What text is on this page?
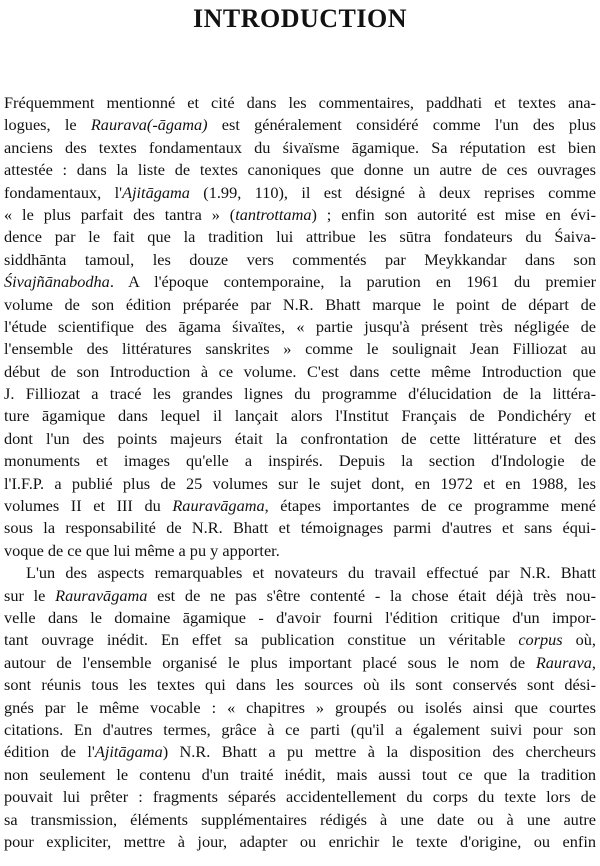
INTRODUCTION
Fréquemment mentionné et cité dans les commentaires, paddhati et textes ana-
logues, le Raurava(-āgama) est généralement considéré comme l'un des plus
anciens des textes fondamentaux du śivaïsme āgamique. Sa réputation est bien
attestée : dans la liste de textes canoniques que donne un autre de ces ouvrages
fondamentaux, l'Ajitāgama (1.99, 110), il est désigné à deux reprises comme
« le plus parfait des tantra » (tantrottama) ; enfin son autorité est mise en évi-
dence par le fait que la tradition lui attribue les sūtra fondateurs du Śaiva-
siddhānta tamoul, les douze vers commentés par Meykkandar dans son
Śivajñānabodha. A l'époque contemporaine, la parution en 1961 du premier
volume de son édition préparée par N.R. Bhatt marque le point de départ de
l'étude scientifique des āgama śivaïtes, « partie jusqu'à présent très négligée de
l'ensemble des littératures sanskrites » comme le soulignait Jean Filliozat au
début de son Introduction à ce volume. C'est dans cette même Introduction que
J. Filliozat a tracé les grandes lignes du programme d'élucidation de la littéra-
ture āgamique dans lequel il lançait alors l'Institut Français de Pondichéry et
dont l'un des points majeurs était la confrontation de cette littérature et des
monuments et images qu'elle a inspirés. Depuis la section d'Indologie de
l'I.F.P. a publié plus de 25 volumes sur le sujet dont, en 1972 et en 1988, les
volumes II et III du Rauravāgama, étapes importantes de ce programme mené
sous la responsabilité de N.R. Bhatt et témoignages parmi d'autres et sans équi-
voque de ce que lui même a pu y apporter.
L'un des aspects remarquables et novateurs du travail effectué par N.R. Bhatt
sur le Rauravāgama est de ne pas s'être contenté - la chose était déjà très nou-
velle dans le domaine āgamique - d'avoir fourni l'édition critique d'un impor-
tant ouvrage inédit. En effet sa publication constitue un véritable corpus où,
autour de l'ensemble organisé le plus important placé sous le nom de Raurava,
sont réunis tous les textes qui dans les sources où ils sont conservés sont dési-
gnés par le même vocable : « chapitres » groupés ou isolés ainsi que courtes
citations. En d'autres termes, grâce à ce parti (qu'il a également suivi pour son
édition de l'Ajitāgama) N.R. Bhatt a pu mettre à la disposition des chercheurs
non seulement le contenu d'un traité inédit, mais aussi tout ce que la tradition
pouvait lui prêter : fragments séparés accidentellement du corps du texte lors de
sa transmission, éléments supplémentaires rédigés à une date ou à une autre
pour expliciter, mettre à jour, adapter ou enrichir le texte d'origine, ou enfin
